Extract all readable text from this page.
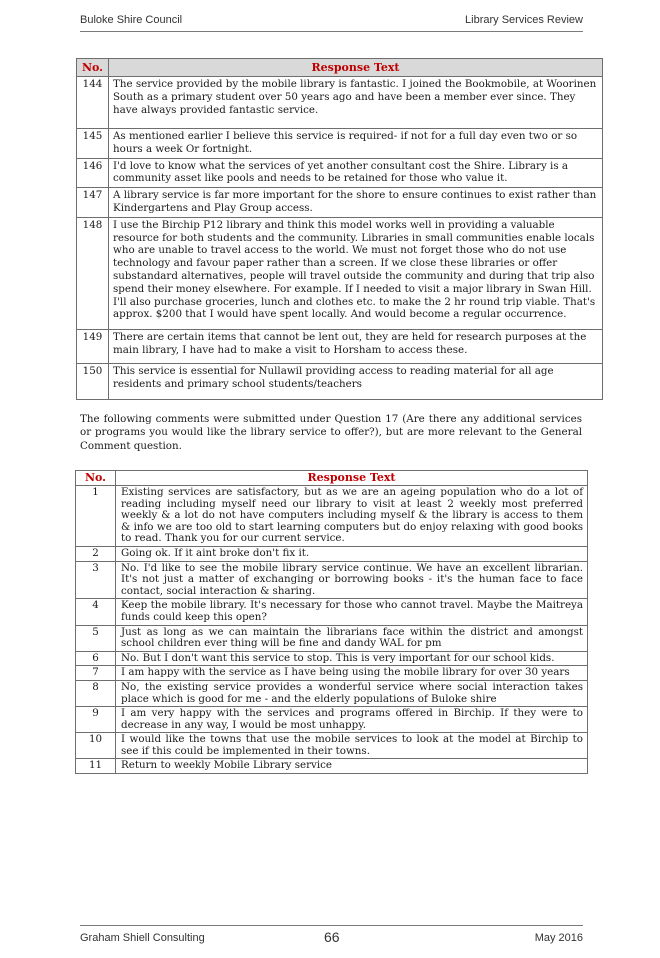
Buloke Shire Council	Library Services Review
No.	Response Text
144	The service provided by the mobile library is fantastic. I joined the Bookmobile, at Woorinen South as a primary student over 50 years ago and have been a member ever since. They have always provided fantastic service.
145	As mentioned earlier I believe this service is required- if not for a full day even two or so hours a week Or fortnight.
146	I'd love to know what the services of yet another consultant cost the Shire. Library is a community asset like pools and needs to be retained for those who value it.
147	A library service is far more important for the shore to ensure continues to exist rather than Kindergartens and Play Group access.
148	I use the Birchip P12 library and think this model works well in providing a valuable resource for both students and the community. Libraries in small communities enable locals who are unable to travel access to the world. We must not forget those who do not use technology and favour paper rather than a screen. If we close these libraries or offer substandard alternatives, people will travel outside the community and during that trip also spend their money elsewhere. For example. If I needed to visit a major library in Swan Hill. I'll also purchase groceries, lunch and clothes etc. to make the 2 hr round trip viable. That's approx. $200 that I would have spent locally. And would become a regular occurrence.
149	There are certain items that cannot be lent out, they are held for research purposes at the main library, I have had to make a visit to Horsham to access these.
150	This service is essential for Nullawil providing access to reading material for all age residents and primary school students/teachers

The following comments were submitted under Question 17 (Are there any additional services or programs you would like the library service to offer?), but are more relevant to the General Comment question.

No.	Response Text
1	Existing services are satisfactory, but as we are an ageing population who do a lot of reading including myself need our library to visit at least 2 weekly most preferred weekly & a lot do not have computers including myself & the library is access to them & info we are too old to start learning computers but do enjoy relaxing with good books to read. Thank you for our current service.
2	Going ok. If it aint broke don't fix it.
3	No. I'd like to see the mobile library service continue. We have an excellent librarian. It's not just a matter of exchanging or borrowing books - it's the human face to face contact, social interaction & sharing.
4	Keep the mobile library. It's necessary for those who cannot travel. Maybe the Maitreya funds could keep this open?
5	Just as long as we can maintain the librarians face within the district and amongst school children ever thing will be fine and dandy WAL for pm
6	No. But I don't want this service to stop. This is very important for our school kids.
7	I am happy with the service as I have being using the mobile library for over 30 years
8	No, the existing service provides a wonderful service where social interaction takes place which is good for me - and the elderly populations of Buloke shire
9	I am very happy with the services and programs offered in Birchip. If they were to decrease in any way, I would be most unhappy.
10	I would like the towns that use the mobile services to look at the model at Birchip to see if this could be implemented in their towns.
11	Return to weekly Mobile Library service
Graham Shiell Consulting	66	May 2016
